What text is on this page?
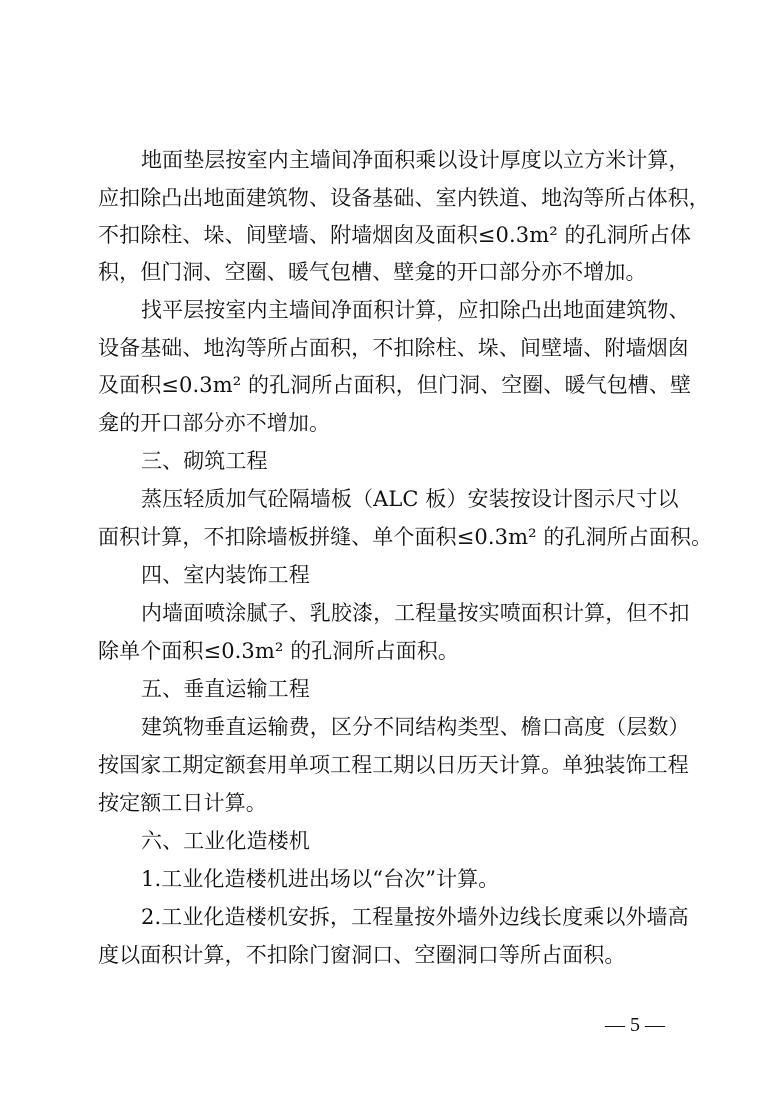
地面垫层按室内主墙间净面积乘以设计厚度以立方米计算，
应扣除凸出地面建筑物、设备基础、室内铁道、地沟等所占体积，
不扣除柱、垛、间壁墙、附墙烟囱及面积≤0.3m² 的孔洞所占体
积，但门洞、空圈、暖气包槽、壁龛的开口部分亦不增加。
找平层按室内主墙间净面积计算，应扣除凸出地面建筑物、
设备基础、地沟等所占面积，不扣除柱、垛、间壁墙、附墙烟囱
及面积≤0.3m² 的孔洞所占面积，但门洞、空圈、暖气包槽、壁
龛的开口部分亦不增加。
三、砌筑工程
蒸压轻质加气砼隔墙板（ALC 板）安装按设计图示尺寸以
面积计算，不扣除墙板拼缝、单个面积≤0.3m² 的孔洞所占面积。
四、室内装饰工程
内墙面喷涂腻子、乳胶漆，工程量按实喷面积计算，但不扣
除单个面积≤0.3m² 的孔洞所占面积。
五、垂直运输工程
建筑物垂直运输费，区分不同结构类型、檐口高度（层数）
按国家工期定额套用单项工程工期以日历天计算。单独装饰工程
按定额工日计算。
六、工业化造楼机
1.工业化造楼机进出场以“台次”计算。
2.工业化造楼机安拆，工程量按外墙外边线长度乘以外墙高
度以面积计算，不扣除门窗洞口、空圈洞口等所占面积。
— 5 —
